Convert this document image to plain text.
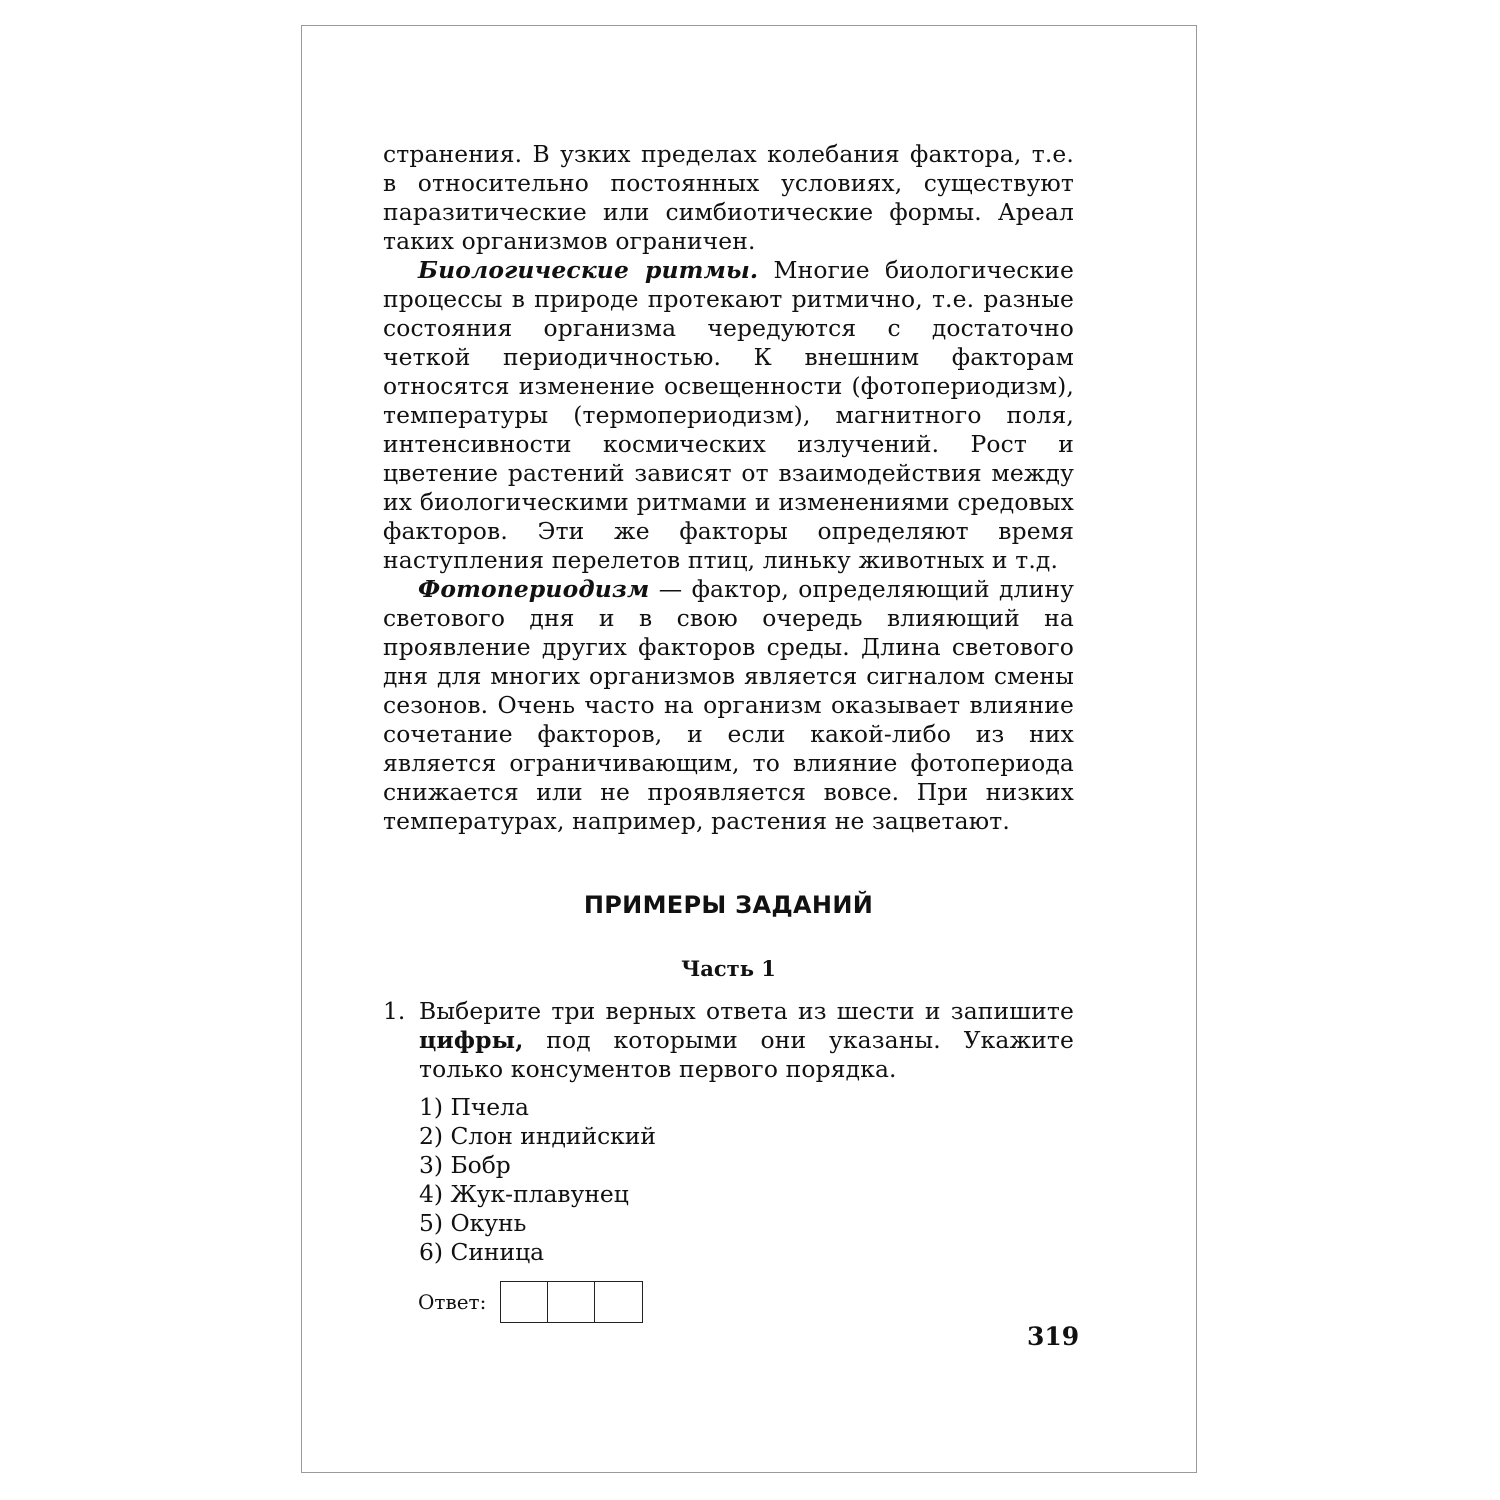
странения. В узких пределах колебания фактора, т.е. в относительно постоянных условиях, существуют паразитические или симбиотические формы. Ареал таких организмов ограничен.

Биологические ритмы. Многие биологические процессы в природе протекают ритмично, т.е. разные состояния организма чередуются с достаточно четкой периодичностью. К внешним факторам относятся изменение освещенности (фотопериодизм), температуры (термопериодизм), магнитного поля, интенсивности космических излучений. Рост и цветение растений зависят от взаимодействия между их биологическими ритмами и изменениями средовых факторов. Эти же факторы определяют время наступления перелетов птиц, линьку животных и т.д.

Фотопериодизм — фактор, определяющий длину светового дня и в свою очередь влияющий на проявление других факторов среды. Длина светового дня для многих организмов является сигналом смены сезонов. Очень часто на организм оказывает влияние сочетание факторов, и если какой-либо из них является ограничивающим, то влияние фотопериода снижается или не проявляется вовсе. При низких температурах, например, растения не зацветают.

ПРИМЕРЫ ЗАДАНИЙ
Часть 1
1. Выберите три верных ответа из шести и запишите цифры, под которыми они указаны. Укажите только консументов первого порядка.

1) Пчела
2) Слон индийский
3) Бобр
4) Жук-плавунец
5) Окунь
6) Синица
Ответ:
319
